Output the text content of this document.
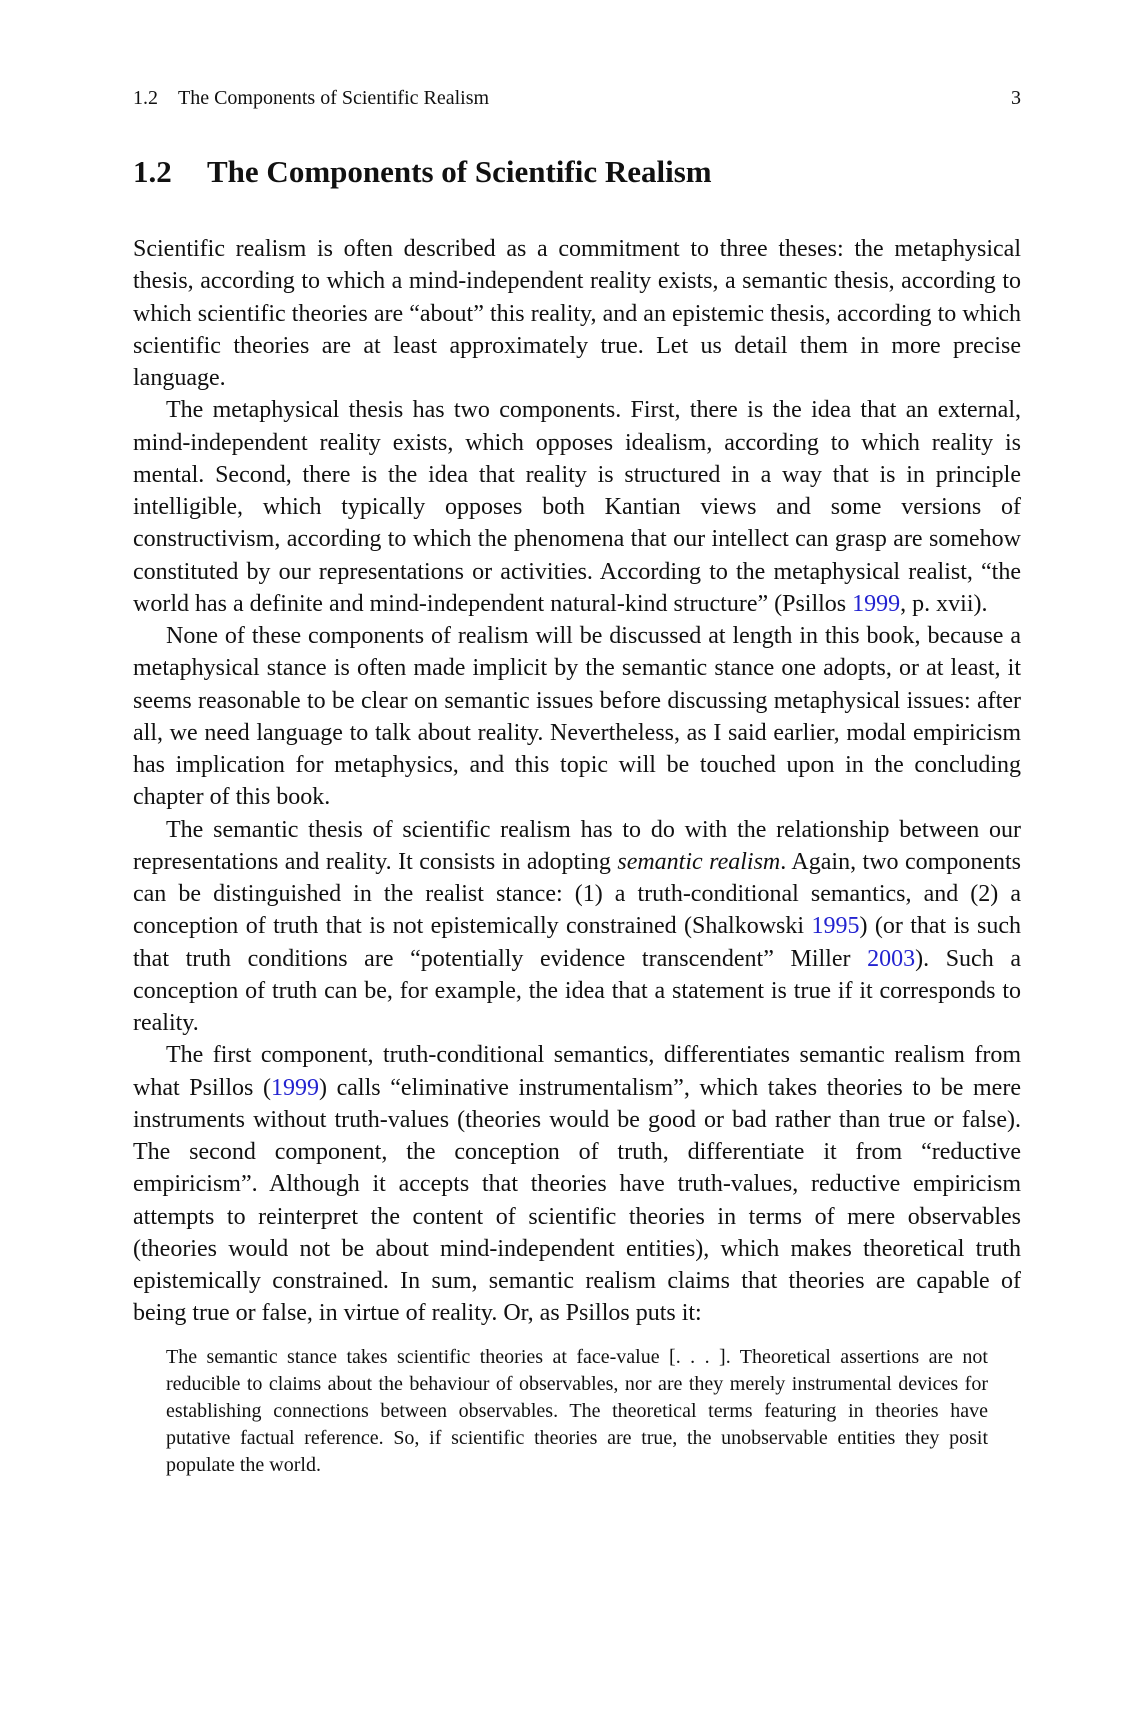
1.2 The Components of Scientific Realism	3
1.2 The Components of Scientific Realism

Scientific realism is often described as a commitment to three theses: the metaphysical thesis, according to which a mind-independent reality exists, a semantic thesis, according to which scientific theories are “about” this reality, and an epistemic thesis, according to which scientific theories are at least approximately true. Let us detail them in more precise language.

The metaphysical thesis has two components. First, there is the idea that an external, mind-independent reality exists, which opposes idealism, according to which reality is mental. Second, there is the idea that reality is structured in a way that is in principle intelligible, which typically opposes both Kantian views and some versions of constructivism, according to which the phenomena that our intellect can grasp are somehow constituted by our representations or activities. According to the metaphysical realist, “the world has a definite and mind-independent natural-kind structure” (Psillos 1999, p. xvii).

None of these components of realism will be discussed at length in this book, because a metaphysical stance is often made implicit by the semantic stance one adopts, or at least, it seems reasonable to be clear on semantic issues before discussing metaphysical issues: after all, we need language to talk about reality. Nevertheless, as I said earlier, modal empiricism has implication for metaphysics, and this topic will be touched upon in the concluding chapter of this book.

The semantic thesis of scientific realism has to do with the relationship between our representations and reality. It consists in adopting semantic realism. Again, two components can be distinguished in the realist stance: (1) a truth-conditional semantics, and (2) a conception of truth that is not epistemically constrained (Shalkowski 1995) (or that is such that truth conditions are “potentially evidence transcendent” Miller 2003). Such a conception of truth can be, for example, the idea that a statement is true if it corresponds to reality.

The first component, truth-conditional semantics, differentiates semantic realism from what Psillos (1999) calls “eliminative instrumentalism”, which takes theories to be mere instruments without truth-values (theories would be good or bad rather than true or false). The second component, the conception of truth, differentiate it from “reductive empiricism”. Although it accepts that theories have truth-values, reductive empiricism attempts to reinterpret the content of scientific theories in terms of mere observables (theories would not be about mind-independent entities), which makes theoretical truth epistemically constrained. In sum, semantic realism claims that theories are capable of being true or false, in virtue of reality. Or, as Psillos puts it:

The semantic stance takes scientific theories at face-value [. . . ]. Theoretical assertions are not reducible to claims about the behaviour of observables, nor are they merely instrumental devices for establishing connections between observables. The theoretical terms featuring in theories have putative factual reference. So, if scientific theories are true, the unobservable entities they posit populate the world.
